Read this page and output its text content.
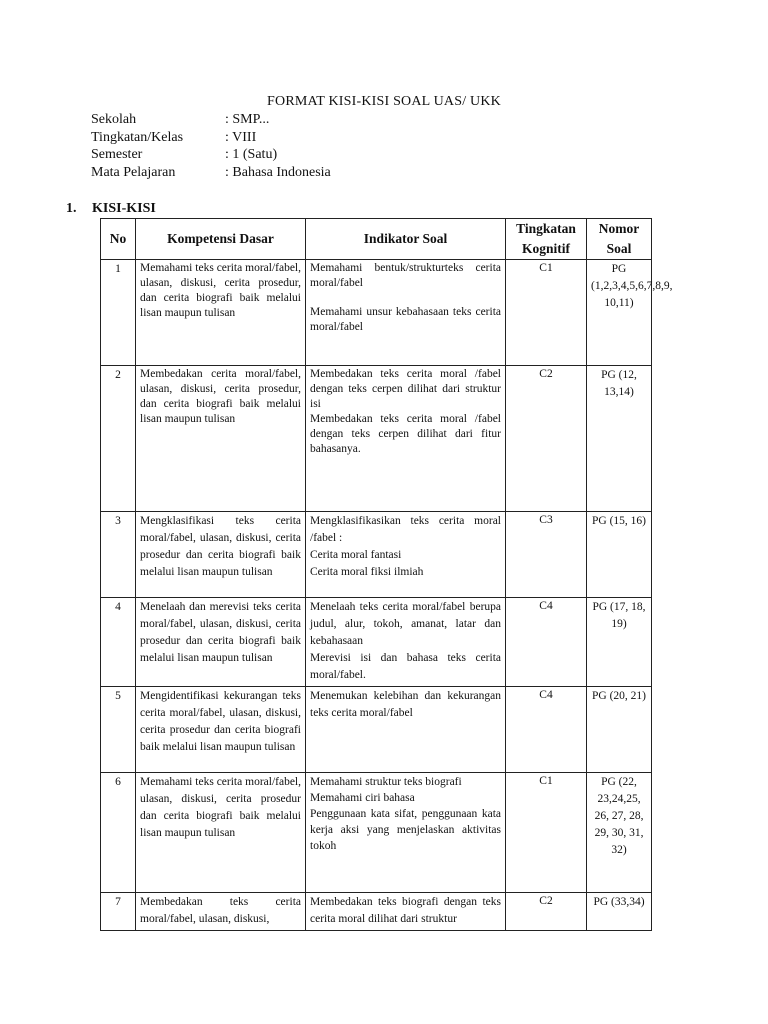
FORMAT KISI-KISI SOAL UAS/ UKK
Sekolah	: SMP...
Tingkatan/Kelas	: VIII
Semester	: 1 (Satu)
Mata Pelajaran	: Bahasa Indonesia
1. KISI-KISI
No	Kompetensi Dasar	Indikator Soal	Tingkatan Kognitif	Nomor Soal
1	Memahami teks cerita moral/fabel, ulasan, diskusi, cerita prosedur, dan cerita biografi baik melalui lisan maupun tulisan	Memahami bentuk/strukturteks cerita moral/fabel

Memahami unsur kebahasaan teks cerita moral/fabel	C1	PG (1,2,3,4,5,6,7,8,9, 10,11)
2	Membedakan cerita moral/fabel, ulasan, diskusi, cerita prosedur, dan cerita biografi baik melalui lisan maupun tulisan	Membedakan teks cerita moral /fabel dengan teks cerpen dilihat dari struktur isi

Membedakan teks cerita moral /fabel dengan teks cerpen dilihat dari fitur bahasanya.	C2	PG (12, 13,14)
3	Mengklasifikasi teks cerita moral/fabel, ulasan, diskusi, cerita prosedur dan cerita biografi baik melalui lisan maupun tulisan	Mengklasifikasikan teks cerita moral /fabel :

Cerita moral fantasi

Cerita moral fiksi ilmiah	C3	PG (15, 16)
4	Menelaah dan merevisi teks cerita moral/fabel, ulasan, diskusi, cerita prosedur dan cerita biografi baik melalui lisan maupun tulisan	Menelaah teks cerita moral/fabel berupa judul, alur, tokoh, amanat, latar dan kebahasaan

Merevisi isi dan bahasa teks cerita moral/fabel.	C4	PG (17, 18, 19)
5	Mengidentifikasi kekurangan teks cerita moral/fabel, ulasan, diskusi, cerita prosedur dan cerita biografi baik melalui lisan maupun tulisan	Menemukan kelebihan dan kekurangan teks cerita moral/fabel	C4	PG (20, 21)
6	Memahami teks cerita moral/fabel, ulasan, diskusi, cerita prosedur dan cerita biografi baik melalui lisan maupun tulisan	Memahami struktur teks biografi

Memahami ciri bahasa

Penggunaan kata sifat, penggunaan kata kerja aksi yang menjelaskan aktivitas tokoh	C1	PG (22, 23,24,25, 26, 27, 28, 29, 30, 31, 32)
7	Membedakan teks cerita moral/fabel, ulasan, diskusi,	Membedakan teks biografi dengan teks cerita moral dilihat dari struktur	C2	PG (33,34)
